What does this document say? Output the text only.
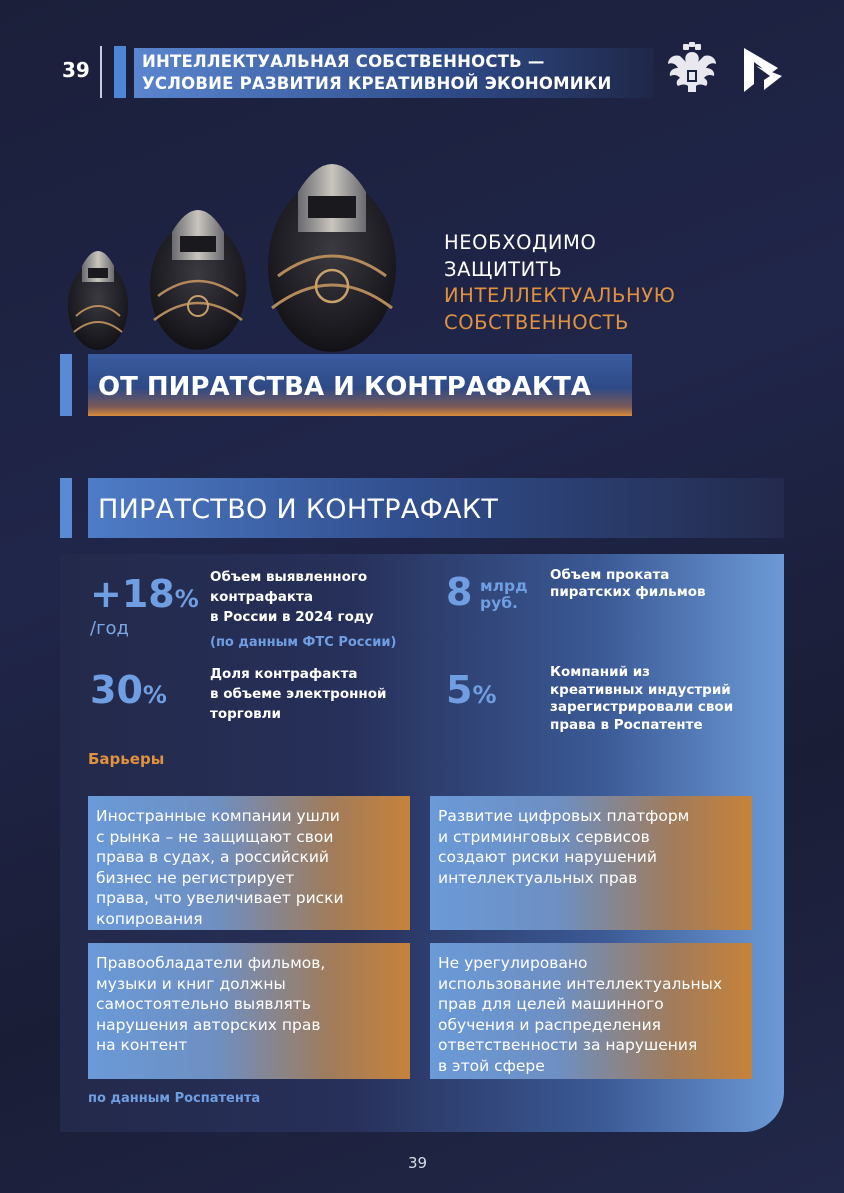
39	ИНТЕЛЛЕКТУАЛЬНАЯ СОБСТВЕННОСТЬ —
УСЛОВИЕ РАЗВИТИЯ КРЕАТИВНОЙ ЭКОНОМИКИ
НЕОБХОДИМО
ЗАЩИТИТЬ
ИНТЕЛЛЕКТУАЛЬНУЮ
СОБСТВЕННОСТЬ
ОТ ПИРАТСТВА И КОНТРАФАКТА
ПИРАТСТВО И КОНТРАФАКТ
+18%
/год
Объем выявленного
контрафакта
в России в 2024 году
(по данным ФТС России)
8 млрд
руб.
Объем проката
пиратских фильмов
30%
Доля контрафакта
в объеме электронной
торговли
5%
Компаний из
креативных индустрий
зарегистрировали свои
права в Роспатенте
Барьеры
Иностранные компании ушли
с рынка – не защищают свои
права в судах, а российский
бизнес не регистрирует
права, что увеличивает риски
копирования
Развитие цифровых платформ
и стриминговых сервисов
создают риски нарушений
интеллектуальных прав
Правообладатели фильмов,
музыки и книг должны
самостоятельно выявлять
нарушения авторских прав
на контент
Не урегулировано
использование интеллектуальных
прав для целей машинного
обучения и распределения
ответственности за нарушения
в этой сфере
по данным Роспатента
39
